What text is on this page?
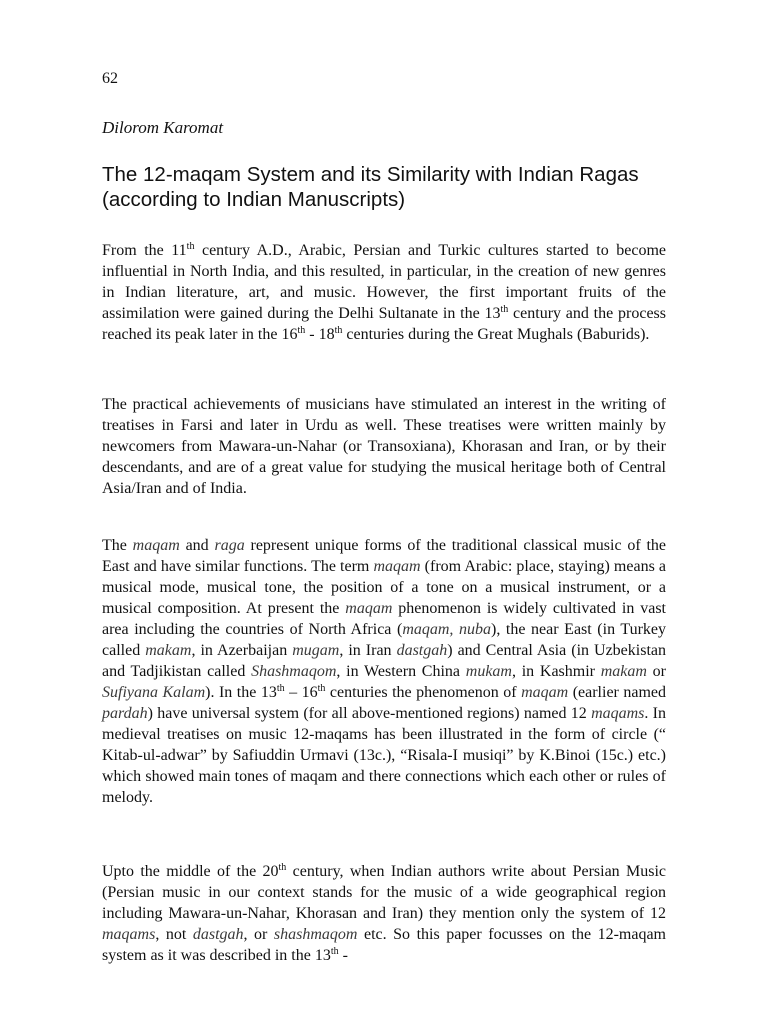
62

Dilorom Karomat

The 12-maqam System and its Similarity with Indian Ragas (according to Indian Manuscripts)

From the 11th century A.D., Arabic, Persian and Turkic cultures started to become influential in North India, and this resulted, in particular, in the creation of new genres in Indian literature, art, and music. However, the first important fruits of the assimilation were gained during the Delhi Sultanate in the 13th century and the process reached its peak later in the 16th - 18th centuries during the Great Mughals (Baburids).

The practical achievements of musicians have stimulated an interest in the writing of treatises in Farsi and later in Urdu as well. These treatises were written mainly by newcomers from Mawara-un-Nahar (or Transoxiana), Khorasan and Iran, or by their descendants, and are of a great value for studying the musical heritage both of Central Asia/Iran and of India.

The maqam and raga represent unique forms of the traditional classical music of the East and have similar functions. The term maqam (from Arabic: place, staying) means a musical mode, musical tone, the position of a tone on a musical instrument, or a musical composition. At present the maqam phenomenon is widely cultivated in vast area including the countries of North Africa (maqam, nuba), the near East (in Turkey called makam, in Azerbaijan mugam, in Iran dastgah) and Central Asia (in Uzbekistan and Tadjikistan called Shashmaqom, in Western China mukam, in Kashmir makam or Sufiyana Kalam). In the 13th – 16th centuries the phenomenon of maqam (earlier named pardah) have universal system (for all above-mentioned regions) named 12 maqams. In medieval treatises on music 12-maqams has been illustrated in the form of circle (“ Kitab-ul-adwar” by Safiuddin Urmavi (13c.), “Risala-I musiqi” by K.Binoi (15c.) etc.) which showed main tones of maqam and there connections which each other or rules of melody.

Upto the middle of the 20th century, when Indian authors write about Persian Music (Persian music in our context stands for the music of a wide geographical region including Mawara-un-Nahar, Khorasan and Iran) they mention only the system of 12 maqams, not dastgah, or shashmaqom etc. So this paper focusses on the 12-maqam system as it was described in the 13th -
